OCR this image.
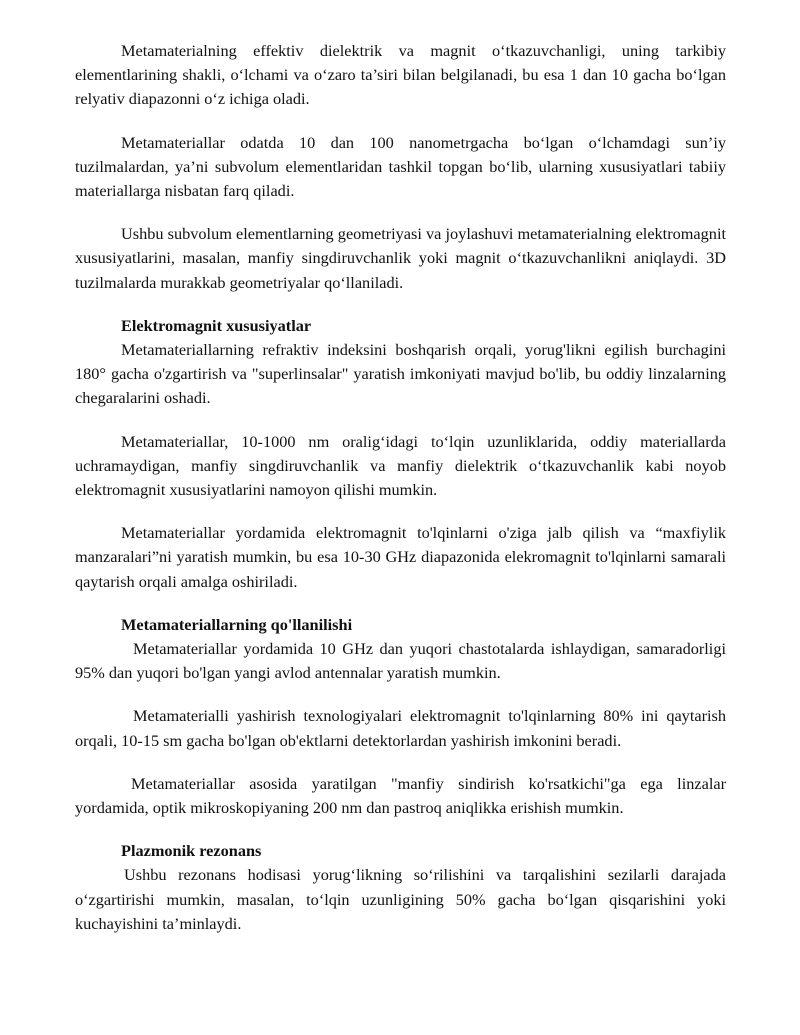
Metamaterialning effektiv dielektrik va magnit o‘tkazuvchanligi, uning tarkibiy elementlarining shakli, o‘lchami va o‘zaro ta’siri bilan belgilanadi, bu esa 1 dan 10 gacha bo‘lgan relyativ diapazonni o‘z ichiga oladi.

Metamateriallar odatda 10 dan 100 nanometrgacha bo‘lgan o‘lchamdagi sun’iy tuzilmalardan, ya’ni subvolum elementlaridan tashkil topgan bo‘lib, ularning xususiyatlari tabiiy materiallarga nisbatan farq qiladi.

Ushbu subvolum elementlarning geometriyasi va joylashuvi metamaterialning elektromagnit xususiyatlarini, masalan, manfiy singdiruvchanlik yoki magnit o‘tkazuvchanlikni aniqlaydi. 3D tuzilmalarda murakkab geometriyalar qo‘llaniladi.

Elektromagnit xususiyatlar

Metamateriallarning refraktiv indeksini boshqarish orqali, yorug'likni egilish burchagini 180° gacha o'zgartirish va "superlinsalar" yaratish imkoniyati mavjud bo'lib, bu oddiy linzalarning chegaralarini oshadi.

Metamateriallar, 10-1000 nm oralig‘idagi to‘lqin uzunliklarida, oddiy materiallarda uchramaydigan, manfiy singdiruvchanlik va manfiy dielektrik o‘tkazuvchanlik kabi noyob elektromagnit xususiyatlarini namoyon qilishi mumkin.

Metamateriallar yordamida elektromagnit to'lqinlarni o'ziga jalb qilish va “maxfiylik manzaralari”ni yaratish mumkin, bu esa 10-30 GHz diapazonida elekromagnit to'lqinlarni samarali qaytarish orqali amalga oshiriladi.

Metamateriallarning qo'llanilishi

Metamateriallar yordamida 10 GHz dan yuqori chastotalarda ishlaydigan, samaradorligi 95% dan yuqori bo'lgan yangi avlod antennalar yaratish mumkin.

Metamaterialli yashirish texnologiyalari elektromagnit to'lqinlarning 80% ini qaytarish orqali, 10-15 sm gacha bo'lgan ob'ektlarni detektorlardan yashirish imkonini beradi.

Metamateriallar asosida yaratilgan "manfiy sindirish ko'rsatkichi"ga ega linzalar yordamida, optik mikroskopiyaning 200 nm dan pastroq aniqlikka erishish mumkin.

Plazmonik rezonans

Ushbu rezonans hodisasi yorug‘likning so‘rilishini va tarqalishini sezilarli darajada o‘zgartirishi mumkin, masalan, to‘lqin uzunligining 50% gacha bo‘lgan qisqarishini yoki kuchayishini ta’minlaydi.
